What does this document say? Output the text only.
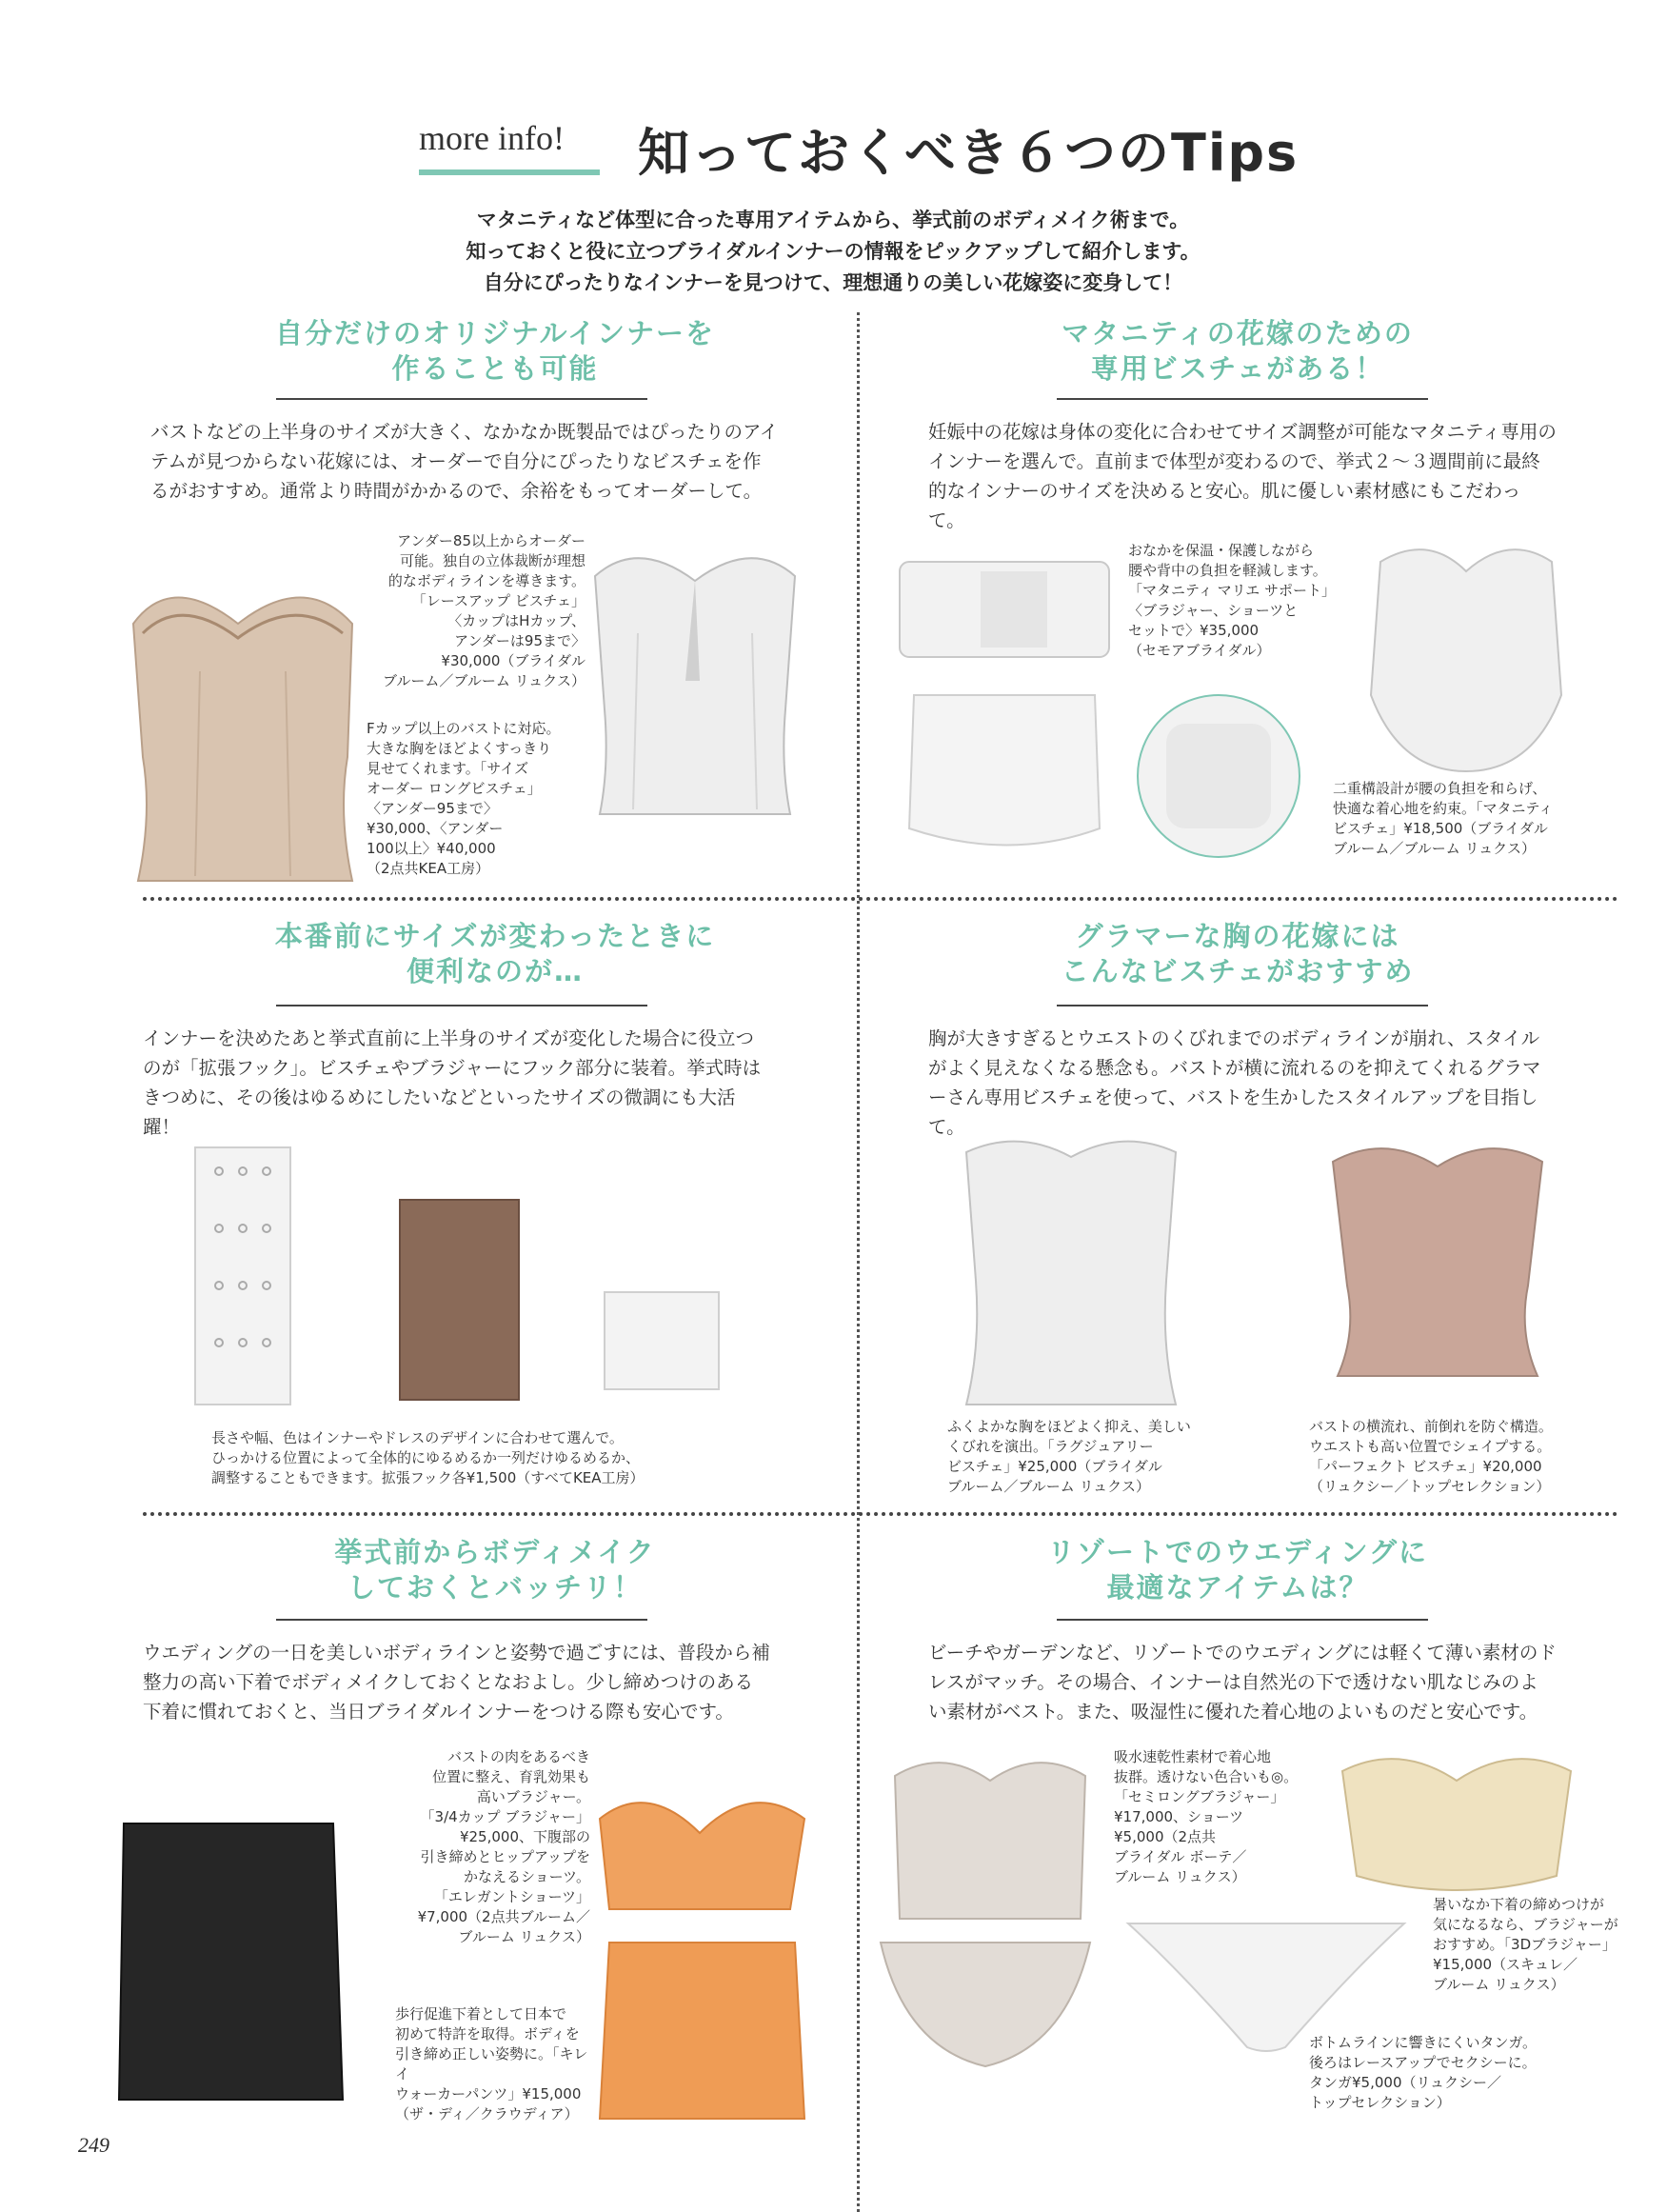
more info! 知っておくべき６つのTips
マタニティなど体型に合った専用アイテムから、挙式前のボディメイク術まで。
知っておくと役に立つブライダルインナーの情報をピックアップして紹介します。
自分にぴったりなインナーを見つけて、理想通りの美しい花嫁姿に変身して！
自分だけのオリジナルインナーを
作ることも可能
バストなどの上半身のサイズが大きく、なかなか既製品ではぴったりのアイテムが見つからない花嫁には、オーダーで自分にぴったりなビスチェを作るがおすすめ。通常より時間がかかるので、余裕をもってオーダーして。
アンダー85以上からオーダー
可能。独自の立体裁断が理想
的なボディラインを導きます。
「レースアップ ビスチェ」
〈カップはHカップ、
アンダーは95まで〉
¥30,000（ブライダル
ブルーム／ブルーム リュクス）
Fカップ以上のバストに対応。
大きな胸をほどよくすっきり
見せてくれます。「サイズ
オーダー ロングビスチェ」
〈アンダー95まで〉
¥30,000、〈アンダー
100以上〉¥40,000
（2点共KEA工房）
マタニティの花嫁のための
専用ビスチェがある！
妊娠中の花嫁は身体の変化に合わせてサイズ調整が可能なマタニティ専用のインナーを選んで。直前まで体型が変わるので、挙式２〜３週間前に最終的なインナーのサイズを決めると安心。肌に優しい素材感にもこだわって。
おなかを保温・保護しながら
腰や背中の負担を軽減します。
「マタニティ マリエ サポート」
〈ブラジャー、ショーツと
セットで〉¥35,000
（セモアブライダル）
二重構設計が腰の負担を和らげ、
快適な着心地を約束。「マタニティ
ビスチェ」¥18,500（ブライダル
ブルーム／ブルーム リュクス）
本番前にサイズが変わったときに
便利なのが…
インナーを決めたあと挙式直前に上半身のサイズが変化した場合に役立つのが「拡張フック」。ビスチェやブラジャーにフック部分に装着。挙式時はきつめに、その後はゆるめにしたいなどといったサイズの微調にも大活躍！
長さや幅、色はインナーやドレスのデザインに合わせて選んで。
ひっかける位置によって全体的にゆるめるか一列だけゆるめるか、
調整することもできます。拡張フック各¥1,500（すべてKEA工房）
グラマーな胸の花嫁には
こんなビスチェがおすすめ
胸が大きすぎるとウエストのくびれまでのボディラインが崩れ、スタイルがよく見えなくなる懸念も。バストが横に流れるのを抑えてくれるグラマーさん専用ビスチェを使って、バストを生かしたスタイルアップを目指して。
ふくよかな胸をほどよく抑え、美しい
くびれを演出。「ラグジュアリー
ビスチェ」¥25,000（ブライダル
ブルーム／ブルーム リュクス）
バストの横流れ、前倒れを防ぐ構造。
ウエストも高い位置でシェイプする。
「パーフェクト ビスチェ」¥20,000
（リュクシー／トップセレクション）
挙式前からボディメイク
しておくとバッチリ！
ウエディングの一日を美しいボディラインと姿勢で過ごすには、普段から補整力の高い下着でボディメイクしておくとなおよし。少し締めつけのある下着に慣れておくと、当日ブライダルインナーをつける際も安心です。
バストの肉をあるべき
位置に整え、育乳効果も
高いブラジャー。
「3/4カップ ブラジャー」
¥25,000、下腹部の
引き締めとヒップアップを
かなえるショーツ。
「エレガントショーツ」
¥7,000（2点共ブルーム／
ブルーム リュクス）
歩行促進下着として日本で
初めて特許を取得。ボディを
引き締め正しい姿勢に。「キレイ
ウォーカーパンツ」¥15,000
（ザ・ディ／クラウディア）
リゾートでのウエディングに
最適なアイテムは？
ビーチやガーデンなど、リゾートでのウエディングには軽くて薄い素材のドレスがマッチ。その場合、インナーは自然光の下で透けない肌なじみのよい素材がベスト。また、吸湿性に優れた着心地のよいものだと安心です。
吸水速乾性素材で着心地
抜群。透けない色合いも◎。
「セミロングブラジャー」
¥17,000、ショーツ
¥5,000（2点共
ブライダル ボーテ／
ブルーム リュクス）
暑いなか下着の締めつけが
気になるなら、ブラジャーが
おすすめ。「3Dブラジャー」
¥15,000（スキュレ／
ブルーム リュクス）
ボトムラインに響きにくいタンガ。
後ろはレースアップでセクシーに。
タンガ¥5,000（リュクシー／
トップセレクション）
249
